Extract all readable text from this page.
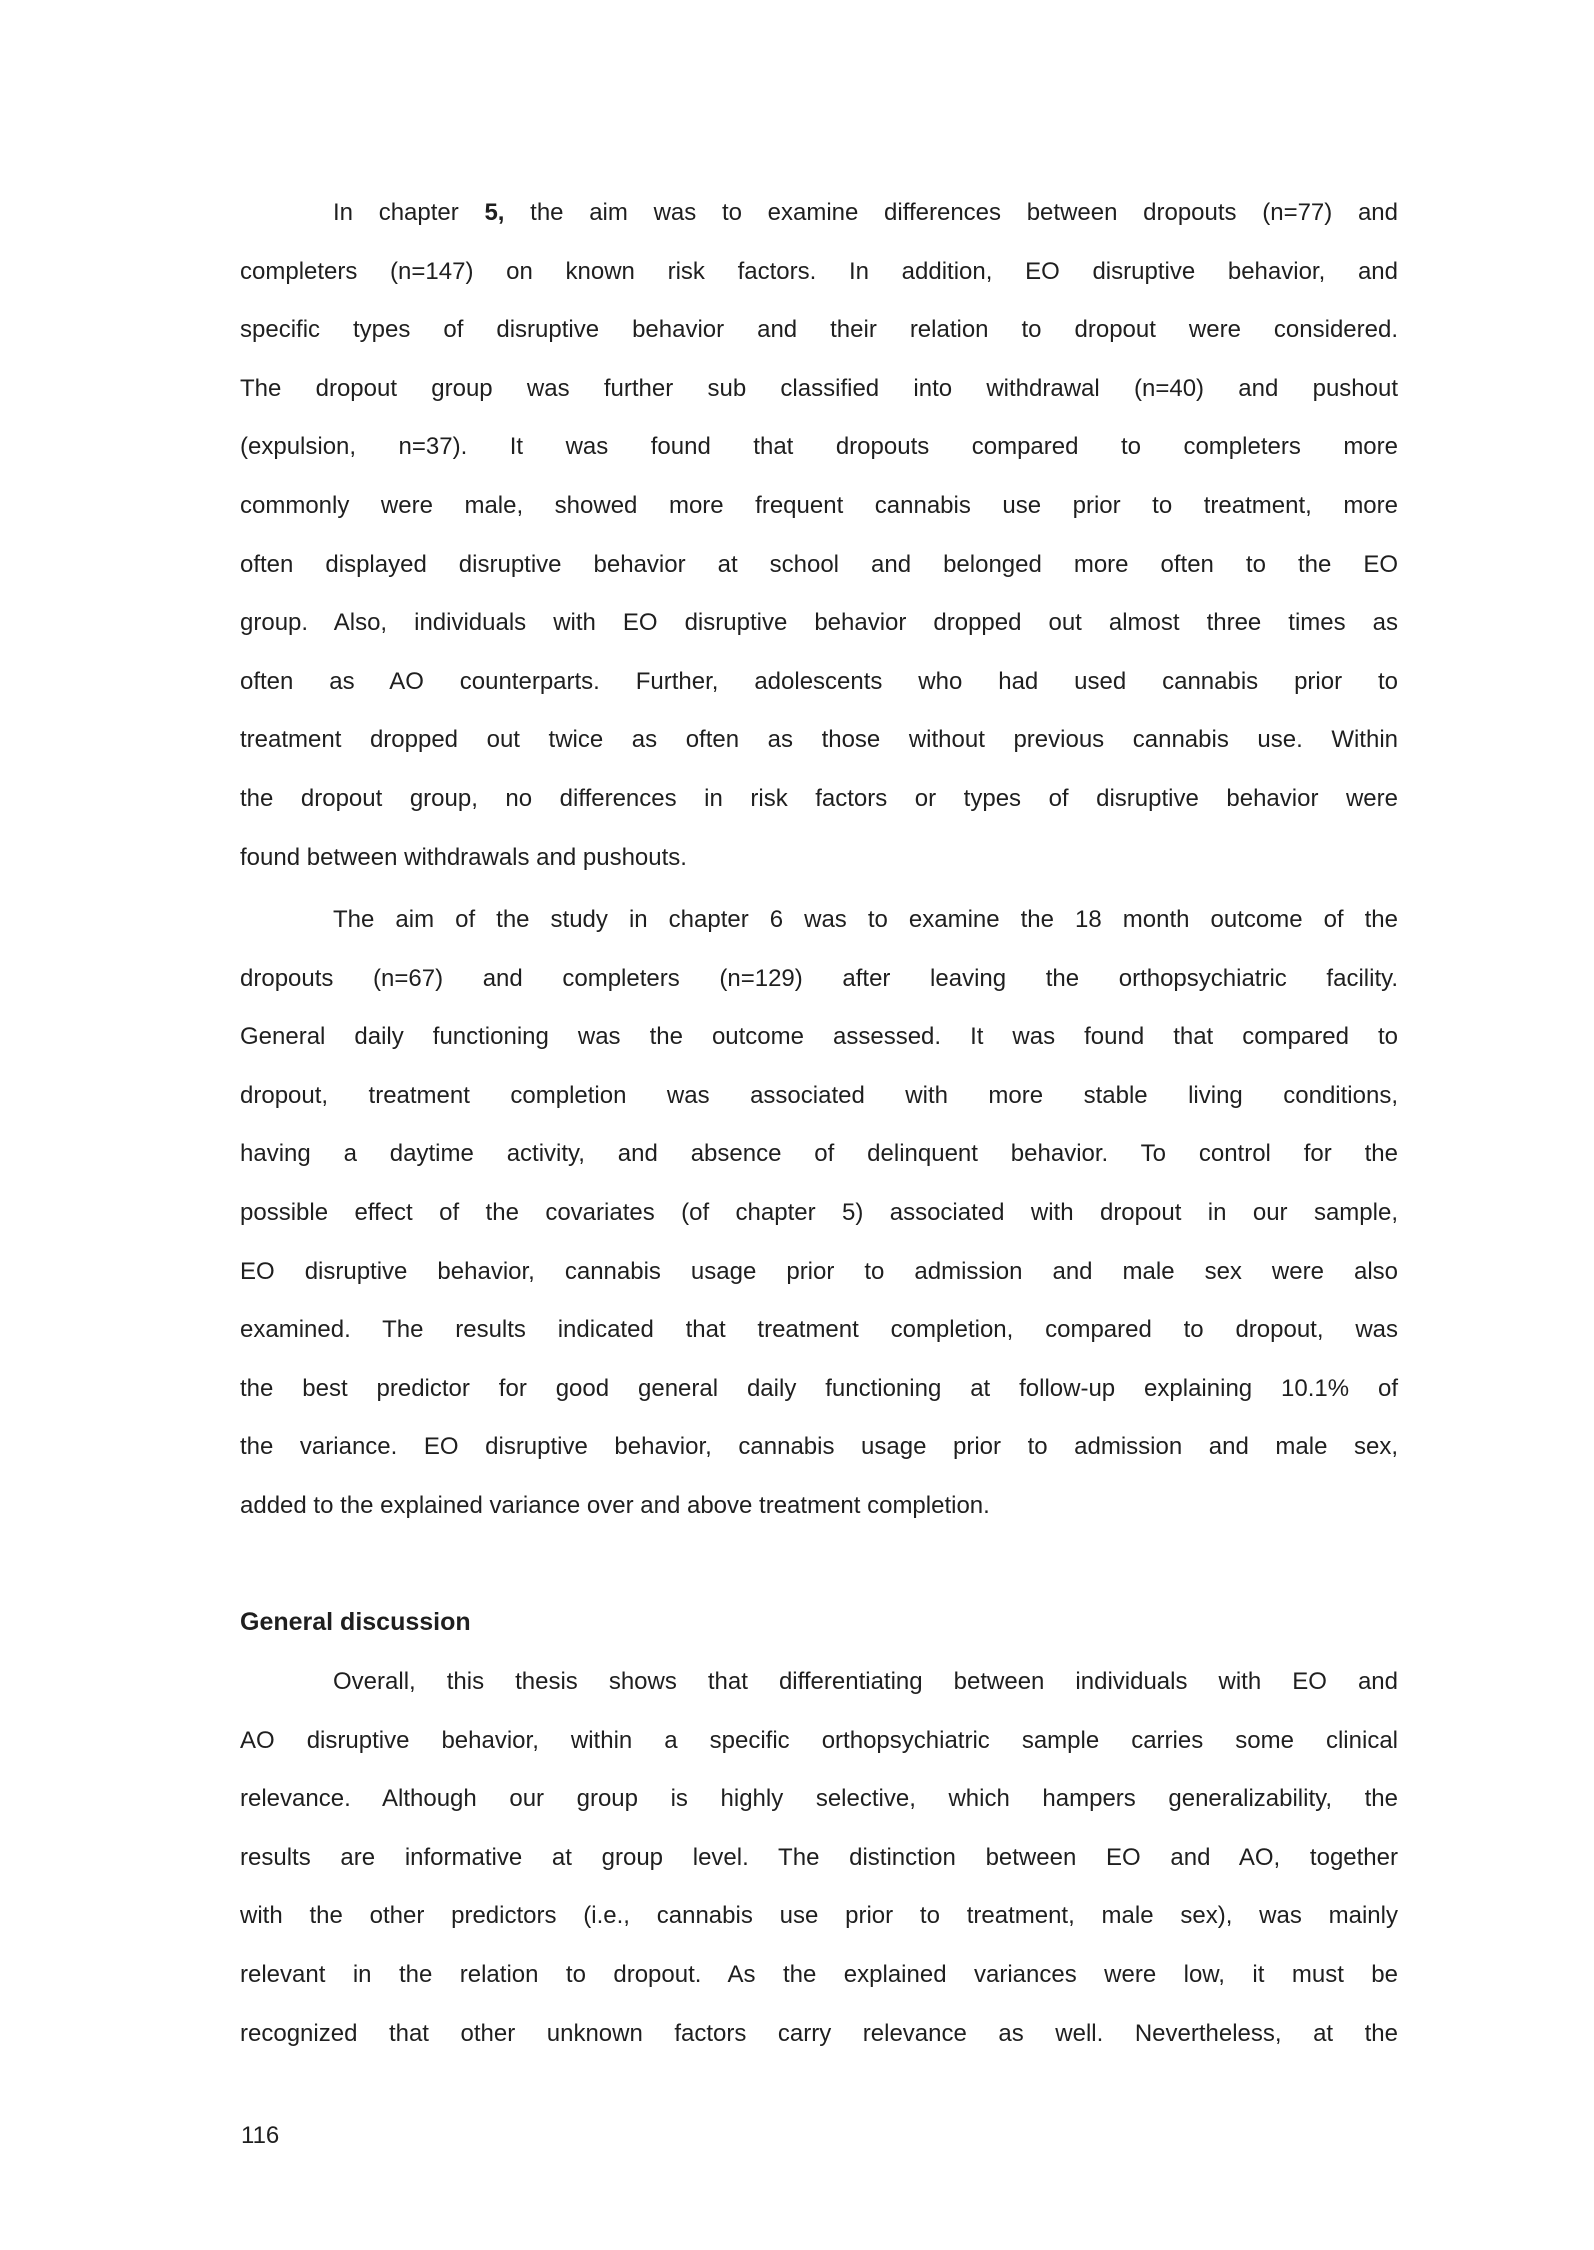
In chapter 5, the aim was to examine differences between dropouts (n=77) and
completers (n=147) on known risk factors. In addition, EO disruptive behavior, and
specific types of disruptive behavior and their relation to dropout were considered.
The dropout group was further sub classified into withdrawal (n=40) and pushout
(expulsion, n=37). It was found that dropouts compared to completers more
commonly were male, showed more frequent cannabis use prior to treatment, more
often displayed disruptive behavior at school and belonged more often to the EO
group. Also, individuals with EO disruptive behavior dropped out almost three times as
often as AO counterparts. Further, adolescents who had used cannabis prior to
treatment dropped out twice as often as those without previous cannabis use. Within
the dropout group, no differences in risk factors or types of disruptive behavior were
found between withdrawals and pushouts.
The aim of the study in chapter 6 was to examine the 18 month outcome of the
dropouts (n=67) and completers (n=129) after leaving the orthopsychiatric facility.
General daily functioning was the outcome assessed. It was found that compared to
dropout, treatment completion was associated with more stable living conditions,
having a daytime activity, and absence of delinquent behavior. To control for the
possible effect of the covariates (of chapter 5) associated with dropout in our sample,
EO disruptive behavior, cannabis usage prior to admission and male sex were also
examined. The results indicated that treatment completion, compared to dropout, was
the best predictor for good general daily functioning at follow-up explaining 10.1% of
the variance. EO disruptive behavior, cannabis usage prior to admission and male sex,
added to the explained variance over and above treatment completion.
General discussion
Overall, this thesis shows that differentiating between individuals with EO and
AO disruptive behavior, within a specific orthopsychiatric sample carries some clinical
relevance. Although our group is highly selective, which hampers generalizability, the
results are informative at group level. The distinction between EO and AO, together
with the other predictors (i.e., cannabis use prior to treatment, male sex), was mainly
relevant in the relation to dropout. As the explained variances were low, it must be
recognized that other unknown factors carry relevance as well. Nevertheless, at the
116
